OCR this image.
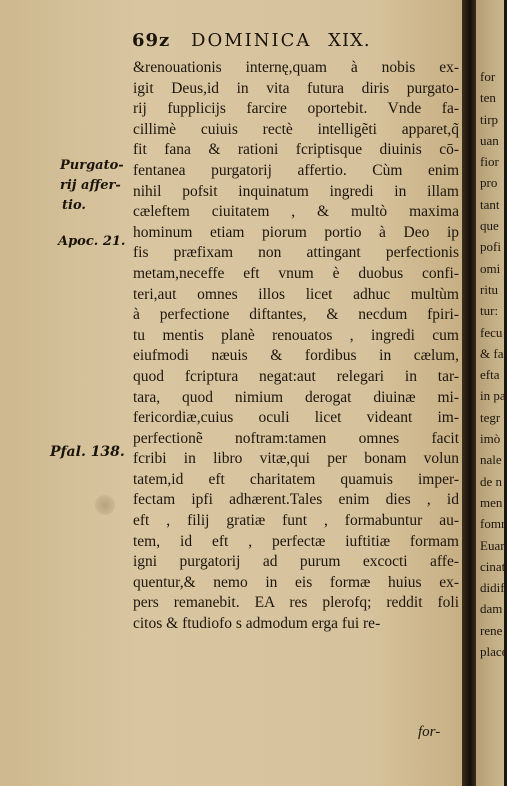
69z DOMINICA XIX.
Purgato-
rij affer-
tio.
Apoc. 21.
Pfal. 138.
&renouationis internę,quam à nobis ex-
igit Deus,id in vita futura diris purgato-
rij fupplicijs farcire oportebit. Vnde fa-
cillimè cuiuis rectè intelligẽti apparet,q̃
fit fana & rationi fcriptisque diuinis cō-
fentanea purgatorij affertio. Cùm enim
nihil pofsit inquinatum ingredi in illam
cæleftem ciuitatem , & multò maxima
hominum etiam piorum portio à Deo ip
fis præfixam non attingant perfectionis
metam,neceffe eft vnum è duobus confi-
teri,aut omnes illos licet adhuc multùm
à perfectione diftantes, & necdum fpiri-
tu mentis planè renouatos , ingredi cum
eiufmodi næuis & fordibus in cælum,
quod fcriptura negat:aut relegari in tar-
tara, quod nimium derogat diuinæ mi-
fericordiæ,cuius oculi licet videant im-
perfectionẽ noftram:tamen omnes facit
fcribi in libro vitæ,qui per bonam volun
tatem,id eft charitatem quamuis imper-
fectam ipfi adhærent.Tales enim dies , id
eft , filij gratiæ funt , formabuntur au-
tem, id eft , perfectæ iuftitiæ formam
igni purgatorij ad purum excocti affe-
quentur,& nemo in eis formæ huius ex-
pers remanebit. EA res plerofq; reddit foli
citos & ftudiofo s admodum erga fui re-
for-
for
ten
tirp
uan
fior
pro
tant
que
pofi
omi
ritu
tur:
fecu
& fa
efta
in pa
tegr
imò
nale
de n
men
fomr
Euar
cinat
didif
dam
rene
place
